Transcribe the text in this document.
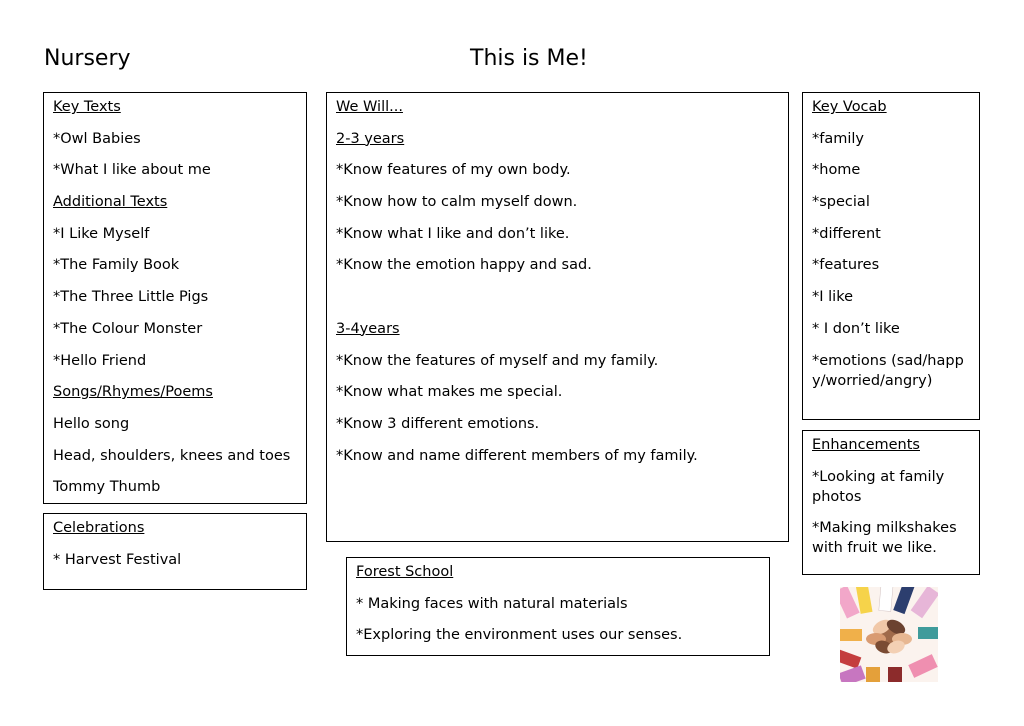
Nursery	This is Me!
Key Texts
*Owl Babies
*What I like about me
Additional Texts
*I Like Myself
*The Family Book
*The Three Little Pigs
*The Colour Monster
*Hello Friend
Songs/Rhymes/Poems
Hello song
Head, shoulders, knees and toes
Tommy Thumb
Celebrations
* Harvest Festival
We Will...
2-3 years
*Know features of my own body.
*Know how to calm myself down.
*Know what I like and don’t like.
*Know the emotion happy and sad.
3-4years
*Know the features of myself and my family.
*Know what makes me special.
*Know 3 different emotions.
*Know and name different members of my family.
Forest School
* Making faces with natural materials
*Exploring the environment uses our senses.
Key Vocab
*family
*home
*special
*different
*features
*I like
* I don’t like
*emotions (sad/happy/worried/angry)
Enhancements
*Looking at family photos
*Making milkshakes with fruit we like.
